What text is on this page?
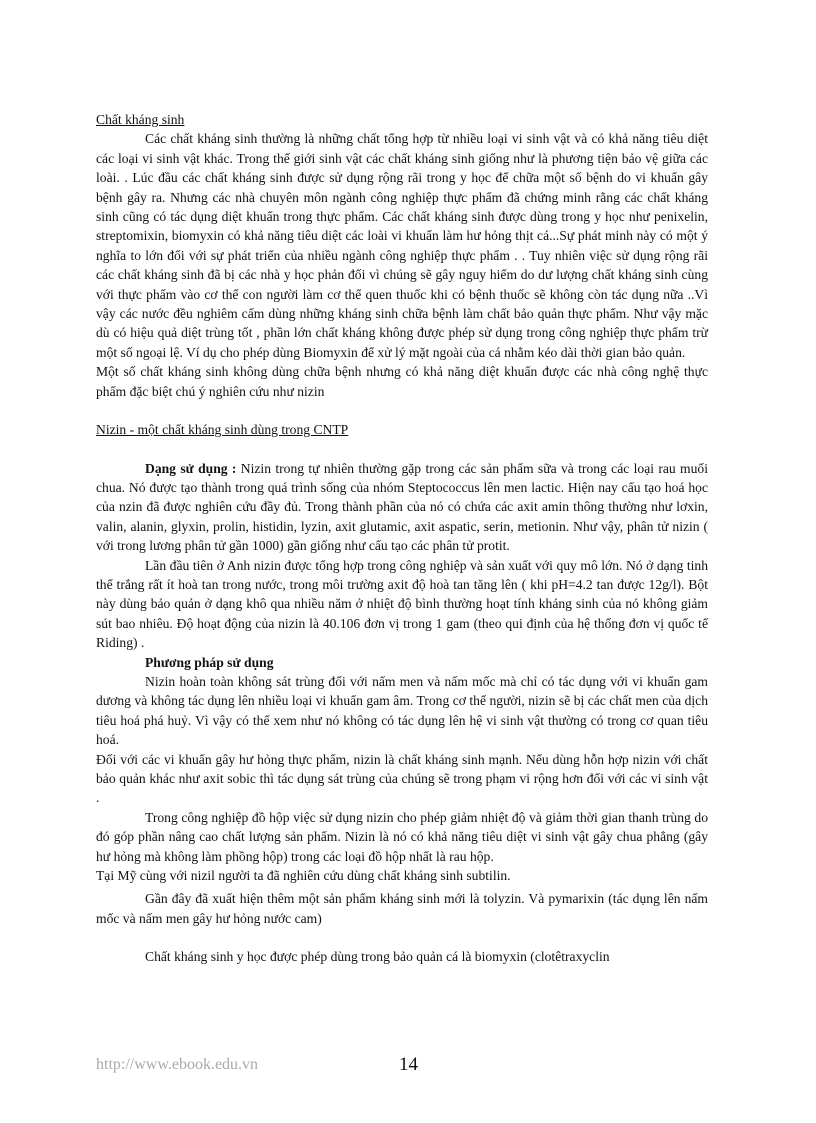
Chất kháng sinh

Các chất kháng sinh thường là những chất tổng hợp từ nhiều loại vi sinh vật và có khả năng tiêu diệt các loại vi sinh vật khác. Trong thế giới sinh vật các chất kháng sinh giống như là phương tiện bảo vệ giữa các loài. . Lúc đầu các chất kháng sinh được sử dụng rộng rãi trong y học để chữa một số bệnh do vi khuẩn gây bệnh gây ra. Nhưng các nhà chuyên môn ngành công nghiệp thực phẩm đã chứng minh rằng các chất kháng sinh cũng có tác dụng diệt khuẩn trong thực phẩm. Các chất kháng sinh được dùng trong y học như penixelin, streptomixin, biomyxin có khả năng tiêu diệt các loài vi khuẩn làm hư hỏng thịt cá...Sự phát minh này có một ý nghĩa to lớn đối với sự phát triển của nhiều ngành công nghiệp thực phẩm . . Tuy nhiên việc sử dụng rộng rãi các chất kháng sinh đã bị các nhà y học phản đối vì chúng sẽ gây nguy hiểm do dư lượng chất kháng sinh cùng với thực phẩm vào cơ thể con người làm cơ thể quen thuốc khi có bệnh thuốc sẽ không còn tác dụng nữa ..Vì vậy các nước đều nghiêm cấm dùng những kháng sinh chữa bệnh làm chất bảo quản thực phẩm. Như vậy mặc dù có hiệu quả diệt trùng tốt , phần lớn chất kháng không được phép sử dụng trong công nghiệp thực phẩm trừ một số ngoại lệ. Ví dụ cho phép dùng Biomyxin để xử lý mặt ngoài của cá nhằm kéo dài thời gian bảo quản.

Một số chất kháng sinh không dùng chữa bệnh nhưng có khả năng diệt khuẩn được các nhà công nghệ thực phẩm đặc biệt chú ý nghiên cứu như nizin

Nizin - một chất kháng sinh dùng trong CNTP

Dạng sử dụng : Nizin trong tự nhiên thường gặp trong các sản phẩm sữa và trong các loại rau muối chua. Nó được tạo thành trong quá trình sống của nhóm Steptococcus lên men lactic. Hiện nay cấu tạo hoá học của nzin đã được nghiên cứu đầy đủ. Trong thành phần của nó có chứa các axit amin thông thường như lơxin, valin, alanin, glyxin, prolin, histidin, lyzin, axit glutamic, axit aspatic, serin, metionin. Như vậy, phân tử nizin ( với trong lương phân tử gần 1000) gần giống như cấu tạo các phân tử protit.

Lần đầu tiên ở Anh nizin được tổng hợp trong công nghiệp và sản xuất với quy mô lớn. Nó ở dạng tinh thể trắng rất ít hoà tan trong nước, trong môi trường axit độ hoà tan tăng lên ( khi pH=4.2 tan được 12g/l). Bột này dùng bảo quản ở dạng khô qua nhiều năm ở nhiệt độ bình thường hoạt tính kháng sinh của nó không giảm sút bao nhiêu. Độ hoạt động của nizin là 40.106 đơn vị trong 1 gam (theo qui định của hệ thống đơn vị quốc tế Riding) .

Phương pháp sử dụng

Nizin hoàn toàn không sát trùng đối với nấm men và nấm mốc mà chỉ có tác dụng với vi khuẩn gam dương và không tác dụng lên nhiều loại vi khuẩn gam âm. Trong cơ thể người, nizin sẽ bị các chất men của dịch tiêu hoá phá huỷ. Vì vậy có thể xem như nó không có tác dụng lên hệ vi sinh vật thường có trong cơ quan tiêu hoá.

Đối với các vi khuẩn gây hư hỏng thực phẩm, nizin là chất kháng sinh mạnh. Nếu dùng hỗn hợp nizin với chất bảo quản khác như axit sobic thì tác dụng sát trùng của chúng sẽ trong phạm vi rộng hơn đối với các vi sinh vật .

Trong công nghiệp đồ hộp việc sử dụng nizin cho phép giảm nhiệt độ và giảm thời gian thanh trùng do đó góp phần nâng cao chất lượng sản phẩm. Nizin là nó có khả năng tiêu diệt vi sinh vật gây chua phẳng (gây hư hỏng mà không làm phồng hộp) trong các loại đồ hộp nhất là rau hộp.

Tại Mỹ cùng với nizil người ta đã nghiên cứu dùng chất kháng sinh subtilin.

Gần đây đã xuất hiện thêm một sản phẩm kháng sinh mới là tolyzin. Và pymarixin (tác dụng lên nấm mốc và nấm men gây hư hỏng nước cam)

Chất kháng sinh y học được phép dùng trong bảo quản cá là biomyxin (clotêtraxyclin

http://www.ebook.edu.vn	14
